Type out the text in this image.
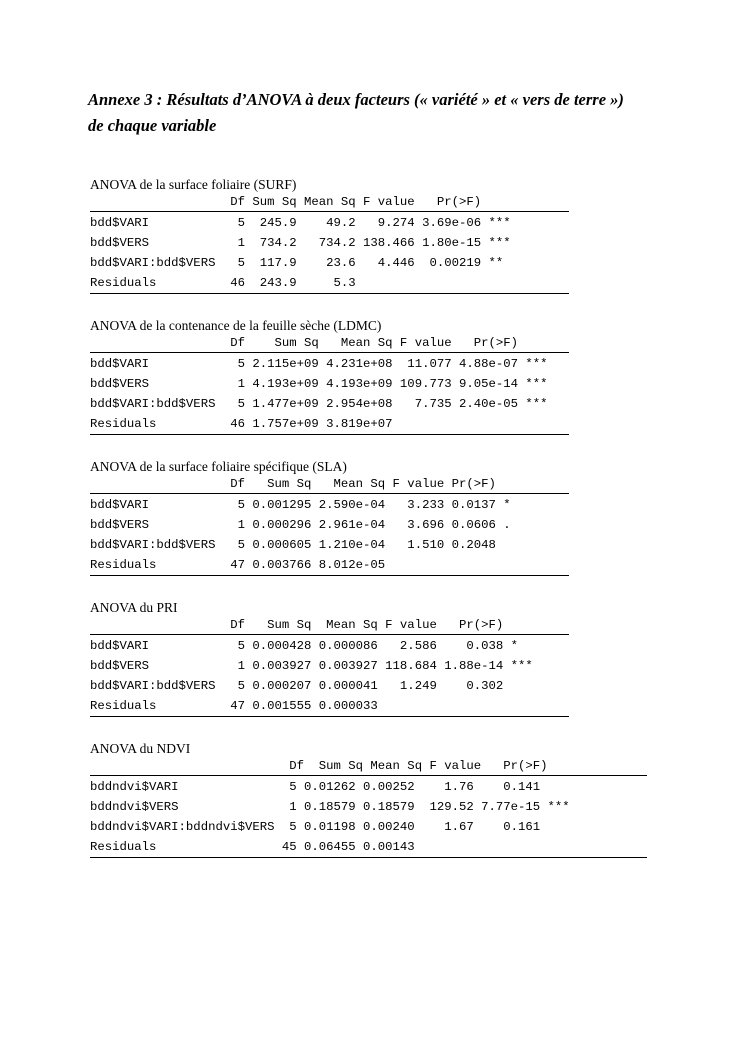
Annexe 3 : Résultats d’ANOVA à deux facteurs (« variété » et « vers de terre »)
de chaque variable
ANOVA de la surface foliaire (SURF)
Df Sum Sq Mean Sq F value   Pr(>F)
bdd$VARI            5  245.9    49.2   9.274 3.69e-06 ***
bdd$VERS            1  734.2   734.2 138.466 1.80e-15 ***
bdd$VARI:bdd$VERS   5  117.9    23.6   4.446  0.00219 **
Residuals          46  243.9     5.3
ANOVA de la contenance de la feuille sèche (LDMC)
Df    Sum Sq   Mean Sq F value   Pr(>F)
bdd$VARI            5 2.115e+09 4.231e+08  11.077 4.88e-07 ***
bdd$VERS            1 4.193e+09 4.193e+09 109.773 9.05e-14 ***
bdd$VARI:bdd$VERS   5 1.477e+09 2.954e+08   7.735 2.40e-05 ***
Residuals          46 1.757e+09 3.819e+07
ANOVA de la surface foliaire spécifique (SLA)
Df   Sum Sq   Mean Sq F value Pr(>F)
bdd$VARI            5 0.001295 2.590e-04   3.233 0.0137 *
bdd$VERS            1 0.000296 2.961e-04   3.696 0.0606 .
bdd$VARI:bdd$VERS   5 0.000605 1.210e-04   1.510 0.2048
Residuals          47 0.003766 8.012e-05
ANOVA du PRI
Df   Sum Sq  Mean Sq F value   Pr(>F)
bdd$VARI            5 0.000428 0.000086   2.586    0.038 *
bdd$VERS            1 0.003927 0.003927 118.684 1.88e-14 ***
bdd$VARI:bdd$VERS   5 0.000207 0.000041   1.249    0.302
Residuals          47 0.001555 0.000033
ANOVA du NDVI
Df  Sum Sq Mean Sq F value   Pr(>F)
bddndvi$VARI               5 0.01262 0.00252    1.76    0.141
bddndvi$VERS               1 0.18579 0.18579  129.52 7.77e-15 ***
bddndvi$VARI:bddndvi$VERS  5 0.01198 0.00240    1.67    0.161
Residuals                 45 0.06455 0.00143
